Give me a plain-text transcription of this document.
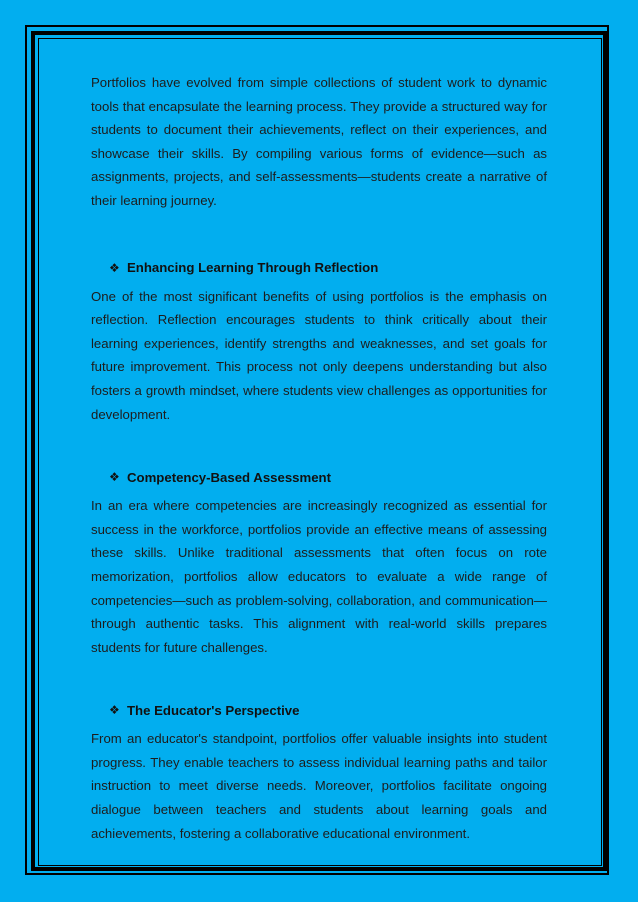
Portfolios have evolved from simple collections of student work to dynamic tools that encapsulate the learning process. They provide a structured way for students to document their achievements, reflect on their experiences, and showcase their skills. By compiling various forms of evidence—such as assignments, projects, and self-assessments—students create a narrative of their learning journey.

❖ Enhancing Learning Through Reflection

One of the most significant benefits of using portfolios is the emphasis on reflection. Reflection encourages students to think critically about their learning experiences, identify strengths and weaknesses, and set goals for future improvement. This process not only deepens understanding but also fosters a growth mindset, where students view challenges as opportunities for development.

❖ Competency-Based Assessment

In an era where competencies are increasingly recognized as essential for success in the workforce, portfolios provide an effective means of assessing these skills. Unlike traditional assessments that often focus on rote memorization, portfolios allow educators to evaluate a wide range of competencies—such as problem-solving, collaboration, and communication—through authentic tasks. This alignment with real-world skills prepares students for future challenges.

❖ The Educator's Perspective

From an educator's standpoint, portfolios offer valuable insights into student progress. They enable teachers to assess individual learning paths and tailor instruction to meet diverse needs. Moreover, portfolios facilitate ongoing dialogue between teachers and students about learning goals and achievements, fostering a collaborative educational environment.
